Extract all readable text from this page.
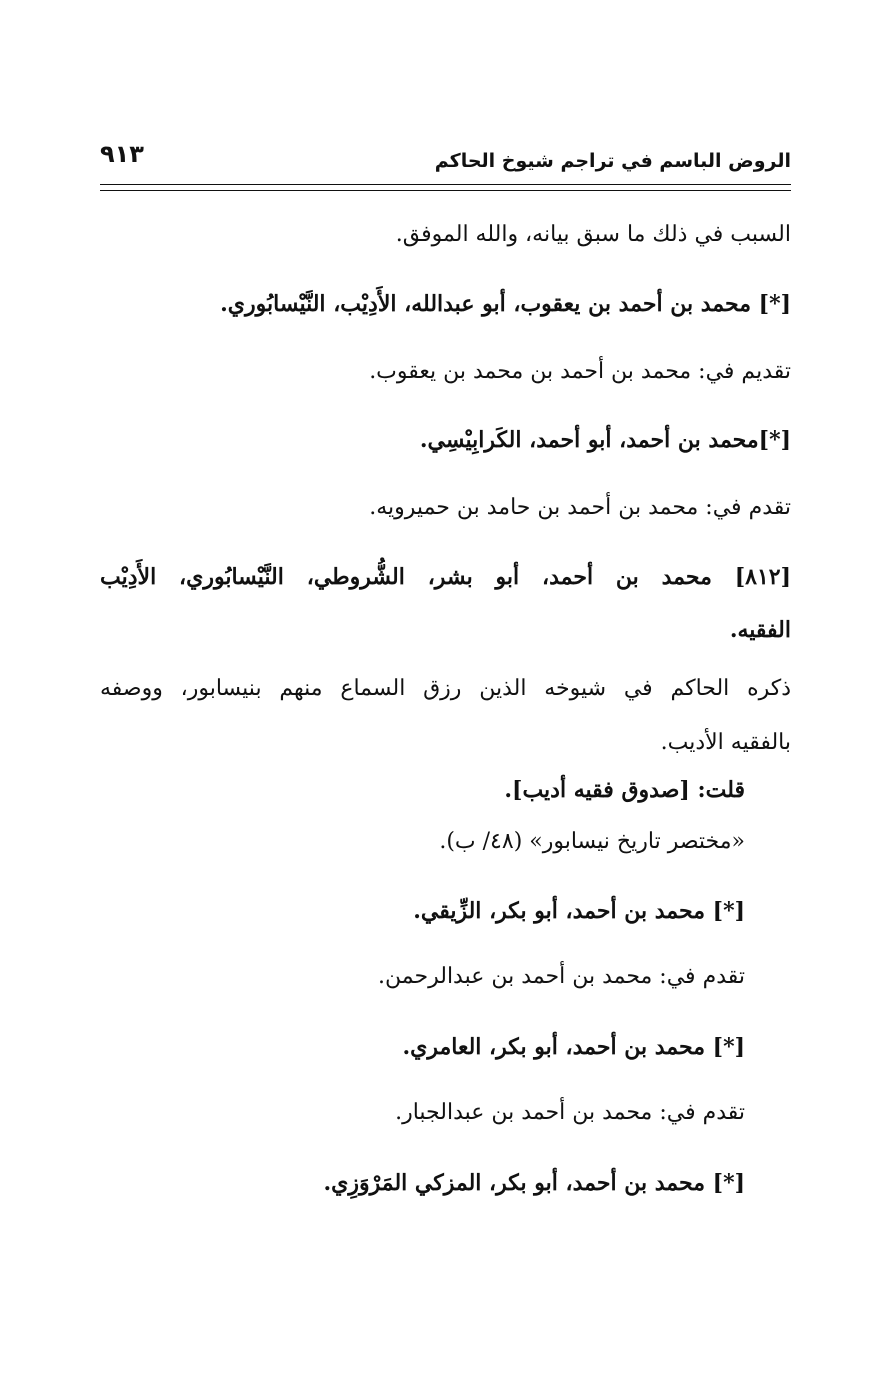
الروض الباسم في تراجم شيوخ الحاكم
٩١٣
السبب في ذلك ما سبق بيانه، والله الموفق.
[*] محمد بن أحمد بن يعقوب، أبو عبدالله، الأَدِيْب، النَّيْسابُوري.
تقديم في: محمد بن أحمد بن محمد بن يعقوب.
[*]محمد بن أحمد، أبو أحمد، الكَرابِيْسِي.
تقدم في: محمد بن أحمد بن حامد بن حميرويه.
[٨١٢] محمد بن أحمد، أبو بشر، الشُّروطي، النَّيْسابُوري، الأَدِيْب
الفقيه.
ذكره الحاكم في شيوخه الذين رزق السماع منهم بنيسابور، ووصفه
بالفقيه الأديب.
قلت: [صدوق فقيه أديب].
«مختصر تاريخ نيسابور» (٤٨/ ب).
[*] محمد بن أحمد، أبو بكر، الزِّيقي.
تقدم في: محمد بن أحمد بن عبدالرحمن.
[*] محمد بن أحمد، أبو بكر، العامري.
تقدم في: محمد بن أحمد بن عبدالجبار.
[*] محمد بن أحمد، أبو بكر، المزكي المَرْوَزِي.
